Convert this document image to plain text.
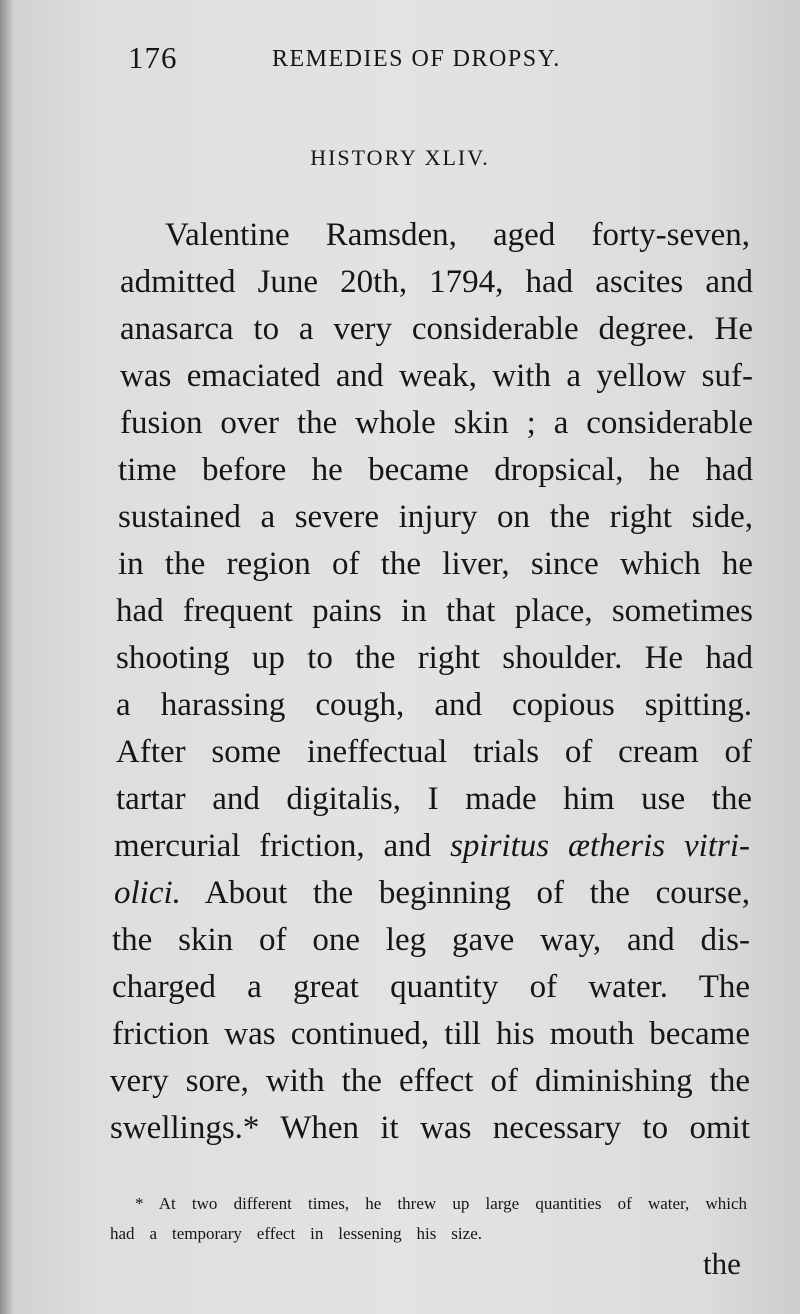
176	REMEDIES OF DROPSY.
HISTORY XLIV.
Valentine Ramsden, aged forty-seven,
admitted June 20th, 1794, had ascites and
anasarca to a very considerable degree. He
was emaciated and weak, with a yellow suf-
fusion over the whole skin ; a considerable
time before he became dropsical, he had
sustained a severe injury on the right side,
in the region of the liver, since which he
had frequent pains in that place, sometimes
shooting up to the right shoulder. He had
a harassing cough, and copious spitting.
After some ineffectual trials of cream of
tartar and digitalis, I made him use the
mercurial friction, and spiritus ætheris vitri-
olici. About the beginning of the course,
the skin of one leg gave way, and dis-
charged a great quantity of water. The
friction was continued, till his mouth became
very sore, with the effect of diminishing the
swellings.* When it was necessary to omit
* At two different times, he threw up large quantities of water, which
had a temporary effect in lessening his size.
the
